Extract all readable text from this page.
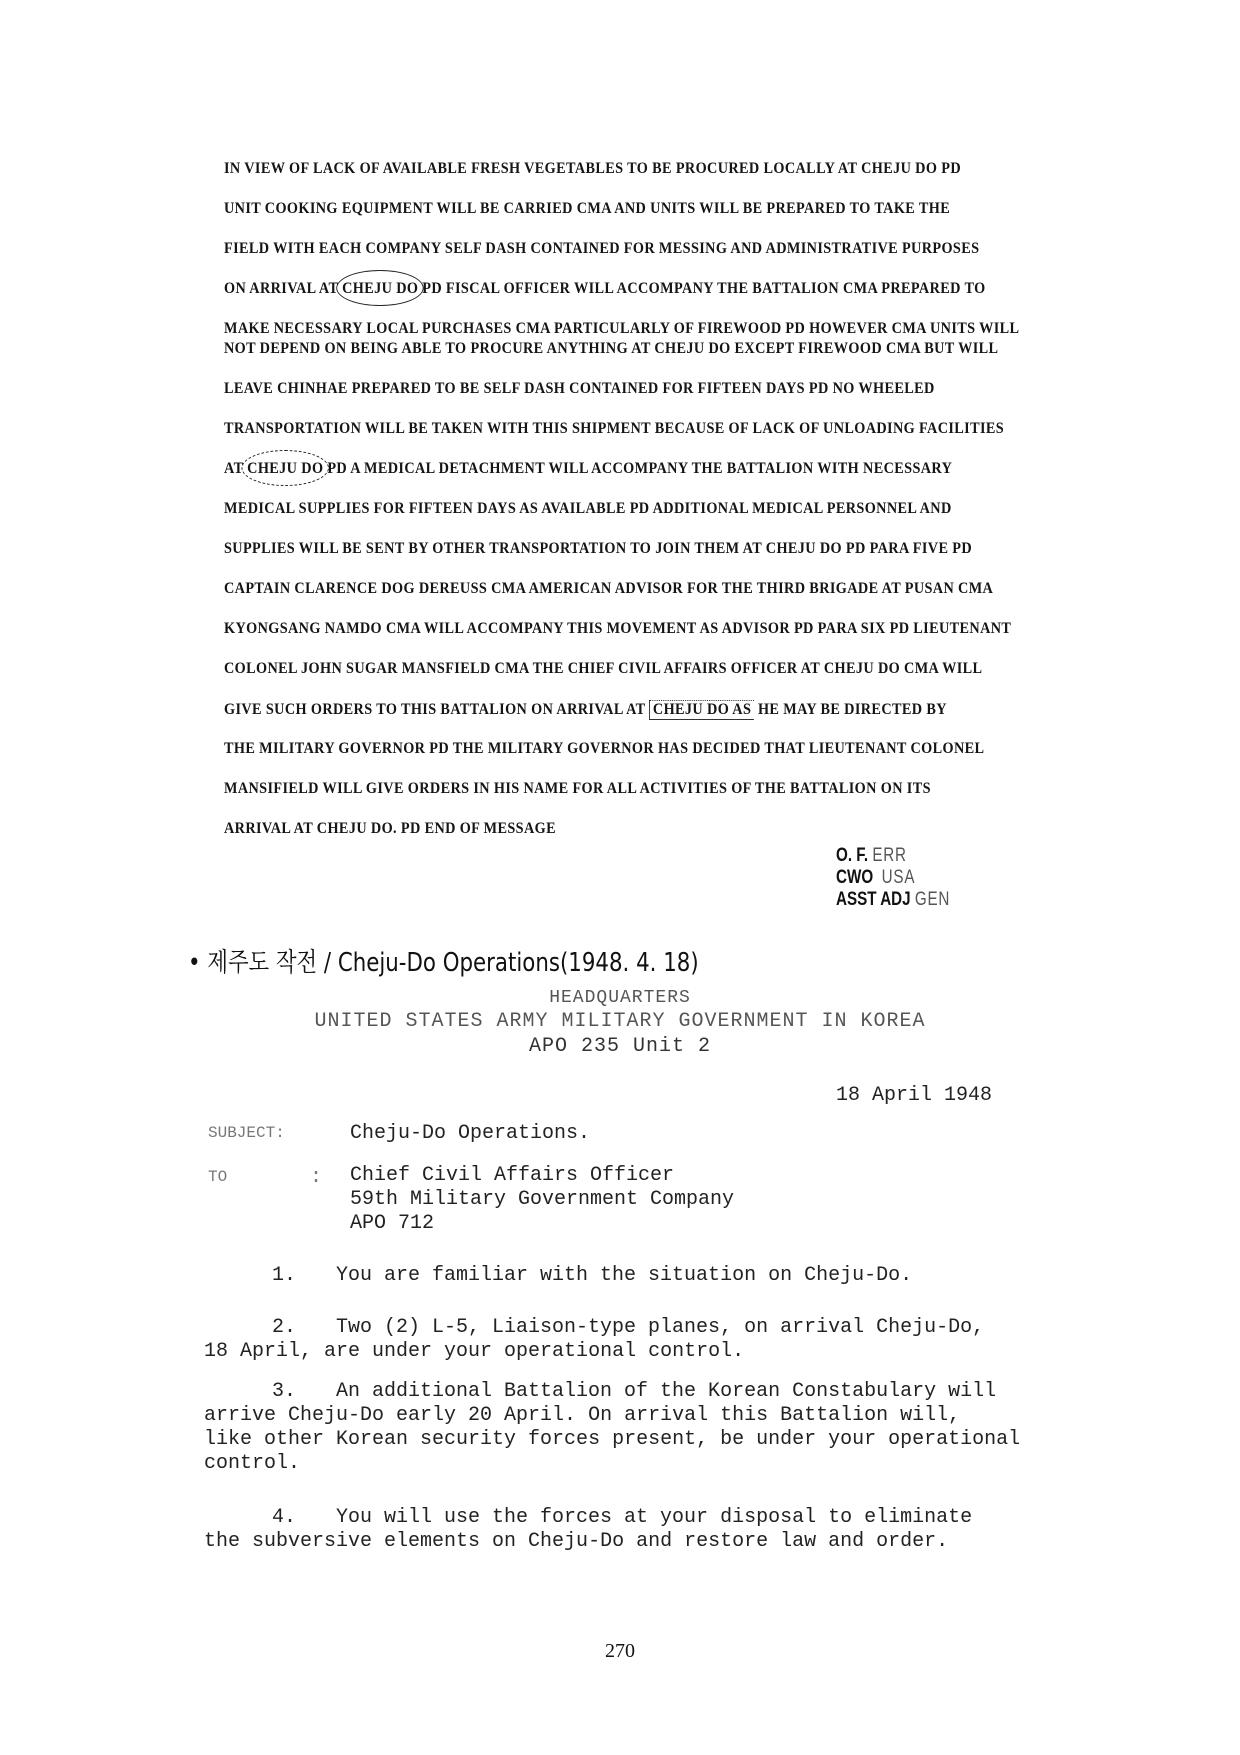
IN VIEW OF LACK OF AVAILABLE FRESH VEGETABLES TO BE PROCURED LOCALLY AT CHEJU DO PD
UNIT COOKING EQUIPMENT WILL BE CARRIED CMA AND UNITS WILL BE PREPARED TO TAKE THE
FIELD WITH EACH COMPANY SELF DASH CONTAINED FOR MESSING AND ADMINISTRATIVE PURPOSES
ON ARRIVAL AT CHEJU DO PD FISCAL OFFICER WILL ACCOMPANY THE BATTALION CMA PREPARED TO
MAKE NECESSARY LOCAL PURCHASES CMA PARTICULARLY OF FIREWOOD PD HOWEVER CMA UNITS WILL
NOT DEPEND ON BEING ABLE TO PROCURE ANYTHING AT CHEJU DO EXCEPT FIREWOOD CMA BUT WILL
LEAVE CHINHAE PREPARED TO BE SELF DASH CONTAINED FOR FIFTEEN DAYS PD NO WHEELED
TRANSPORTATION WILL BE TAKEN WITH THIS SHIPMENT BECAUSE OF LACK OF UNLOADING FACILITIES
AT CHEJU DO PD A MEDICAL DETACHMENT WILL ACCOMPANY THE BATTALION WITH NECESSARY
MEDICAL SUPPLIES FOR FIFTEEN DAYS AS AVAILABLE PD ADDITIONAL MEDICAL PERSONNEL AND
SUPPLIES WILL BE SENT BY OTHER TRANSPORTATION TO JOIN THEM AT CHEJU DO PD PARA FIVE PD
CAPTAIN CLARENCE DOG DEREUSS CMA AMERICAN ADVISOR FOR THE THIRD BRIGADE AT PUSAN CMA
KYONGSANG NAMDO CMA WILL ACCOMPANY THIS MOVEMENT AS ADVISOR PD PARA SIX PD LIEUTENANT
COLONEL JOHN SUGAR MANSFIELD CMA THE CHIEF CIVIL AFFAIRS OFFICER AT CHEJU DO CMA WILL
GIVE SUCH ORDERS TO THIS BATTALION ON ARRIVAL AT CHEJU DO AS HE MAY BE DIRECTED BY
THE MILITARY GOVERNOR PD THE MILITARY GOVERNOR HAS DECIDED THAT LIEUTENANT COLONEL
MANSIFIELD WILL GIVE ORDERS IN HIS NAME FOR ALL ACTIVITIES OF THE BATTALION ON ITS
ARRIVAL AT CHEJU DO. PD END OF MESSAGE
O. F. ERR
CWO USA
ASST ADJ GEN
• 제주도 작전 / Cheju-Do Operations(1948. 4. 18)
HEADQUARTERS
UNITED STATES ARMY MILITARY GOVERNMENT IN KOREA
APO 235 Unit 2
18 April 1948
SUBJECT:	Cheju-Do Operations.
TO	: Chief Civil Affairs Officer
59th Military Government Company
APO 712
1. You are familiar with the situation on Cheju-Do.
2. Two (2) L-5, Liaison-type planes, on arrival Cheju-Do,
18 April, are under your operational control.
3. An additional Battalion of the Korean Constabulary will
arrive Cheju-Do early 20 April. On arrival this Battalion will,
like other Korean security forces present, be under your operational
control.
4. You will use the forces at your disposal to eliminate
the subversive elements on Cheju-Do and restore law and order.
270
